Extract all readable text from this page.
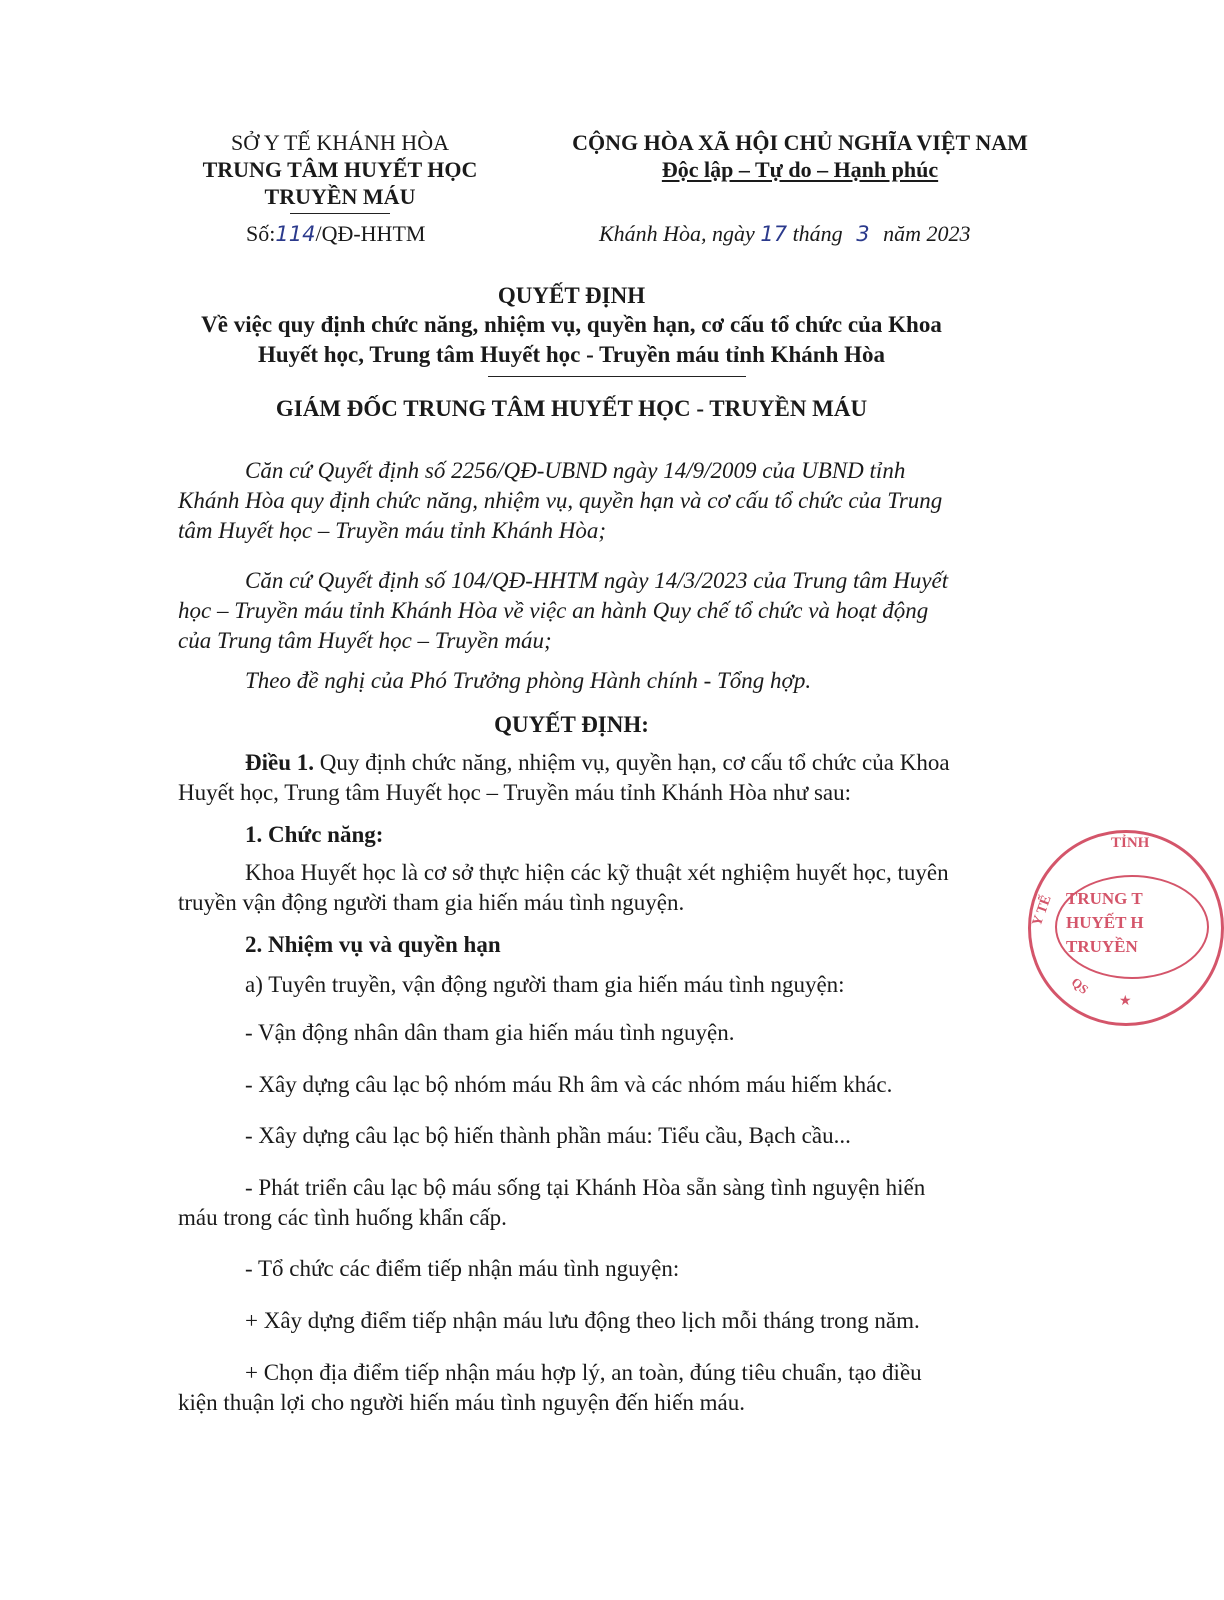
SỞ Y TẾ KHÁNH HÒA
TRUNG TÂM HUYẾT HỌC
TRUYỀN MÁU
Số:114/QĐ-HHTM
CỘNG HÒA XÃ HỘI CHỦ NGHĨA VIỆT NAM
Độc lập – Tự do – Hạnh phúc
Khánh Hòa, ngày 17 tháng 3 năm 2023
QUYẾT ĐỊNH
Về việc quy định chức năng, nhiệm vụ, quyền hạn, cơ cấu tổ chức của Khoa
Huyết học, Trung tâm Huyết học - Truyền máu tỉnh Khánh Hòa
GIÁM ĐỐC TRUNG TÂM HUYẾT HỌC - TRUYỀN MÁU
Căn cứ Quyết định số 2256/QĐ-UBND ngày 14/9/2009 của UBND tỉnh
Khánh Hòa quy định chức năng, nhiệm vụ, quyền hạn và cơ cấu tổ chức của Trung
tâm Huyết học – Truyền máu tỉnh Khánh Hòa;
Căn cứ Quyết định số 104/QĐ-HHTM ngày 14/3/2023 của Trung tâm Huyết
học – Truyền máu tỉnh Khánh Hòa về việc an hành Quy chế tổ chức và hoạt động
của Trung tâm Huyết học – Truyền máu;
Theo đề nghị của Phó Trưởng phòng Hành chính - Tổng hợp.
QUYẾT ĐỊNH:
Điều 1. Quy định chức năng, nhiệm vụ, quyền hạn, cơ cấu tổ chức của Khoa
Huyết học, Trung tâm Huyết học – Truyền máu tỉnh Khánh Hòa như sau:
1. Chức năng:
Khoa Huyết học là cơ sở thực hiện các kỹ thuật xét nghiệm huyết học, tuyên
truyền vận động người tham gia hiến máu tình nguyện.
2. Nhiệm vụ và quyền hạn
a) Tuyên truyền, vận động người tham gia hiến máu tình nguyện:
- Vận động nhân dân tham gia hiến máu tình nguyện.
- Xây dựng câu lạc bộ nhóm máu Rh âm và các nhóm máu hiếm khác.
- Xây dựng câu lạc bộ hiến thành phần máu: Tiểu cầu, Bạch cầu...
- Phát triển câu lạc bộ máu sống tại Khánh Hòa sẵn sàng tình nguyện hiến
máu trong các tình huống khẩn cấp.
- Tổ chức các điểm tiếp nhận máu tình nguyện:
+ Xây dựng điểm tiếp nhận máu lưu động theo lịch mỗi tháng trong năm.
+ Chọn địa điểm tiếp nhận máu hợp lý, an toàn, đúng tiêu chuẩn, tạo điều
kiện thuận lợi cho người hiến máu tình nguyện đến hiến máu.
TỈNH
Y TẾ TRUNG T
HUYẾT H
TRUYỀN
QS
★
